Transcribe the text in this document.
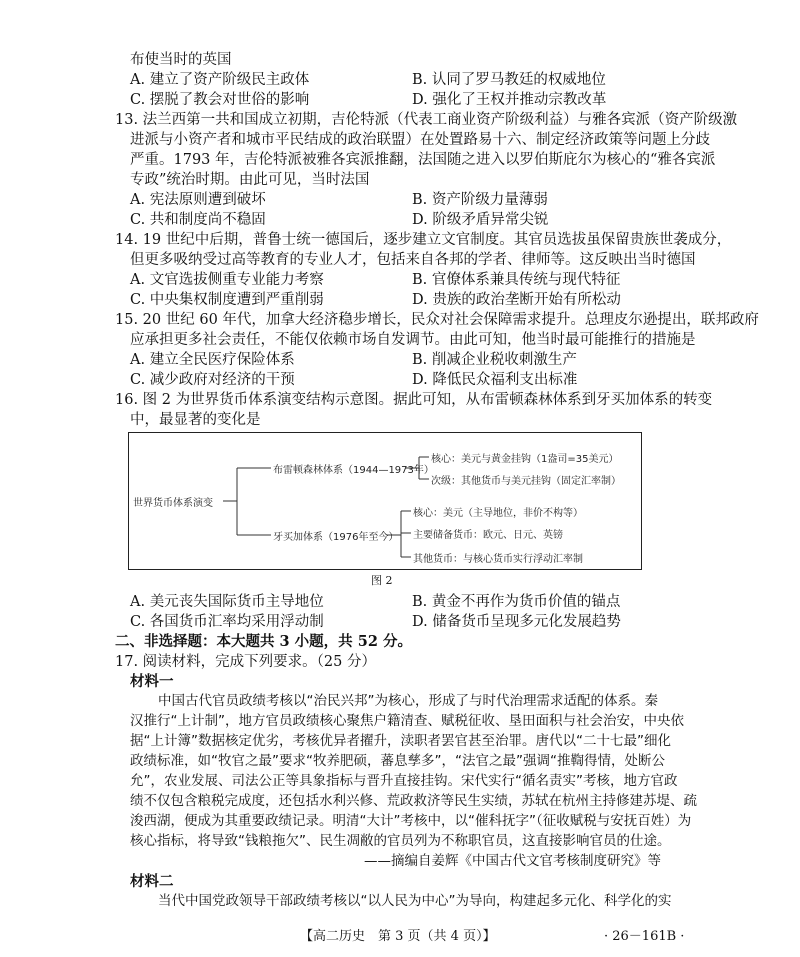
布使当时的英国
A. 建立了资产阶级民主政体	B. 认同了罗马教廷的权威地位
C. 摆脱了教会对世俗的影响	D. 强化了王权并推动宗教改革
13. 法兰西第一共和国成立初期，吉伦特派（代表工商业资产阶级利益）与雅各宾派（资产阶级激
进派与小资产者和城市平民结成的政治联盟）在处置路易十六、制定经济政策等问题上分歧
严重。1793 年，吉伦特派被雅各宾派推翻，法国随之进入以罗伯斯庇尔为核心的“雅各宾派
专政”统治时期。由此可见，当时法国
A. 宪法原则遭到破坏	B. 资产阶级力量薄弱
C. 共和制度尚不稳固	D. 阶级矛盾异常尖锐
14. 19 世纪中后期，普鲁士统一德国后，逐步建立文官制度。其官员选拔虽保留贵族世袭成分，
但更多吸纳受过高等教育的专业人才，包括来自各邦的学者、律师等。这反映出当时德国
A. 文官选拔侧重专业能力考察	B. 官僚体系兼具传统与现代特征
C. 中央集权制度遭到严重削弱	D. 贵族的政治垄断开始有所松动
15. 20 世纪 60 年代，加拿大经济稳步增长，民众对社会保障需求提升。总理皮尔逊提出，联邦政府
应承担更多社会责任，不能仅依赖市场自发调节。由此可知，他当时最可能推行的措施是
A. 建立全民医疗保险体系	B. 削减企业税收刺激生产
C. 减少政府对经济的干预	D. 降低民众福利支出标准
16. 图 2 为世界货币体系演变结构示意图。据此可知，从布雷顿森林体系到牙买加体系的转变
中，最显著的变化是
世界货币体系演变
布雷顿森林体系（1944—1973年）
核心：美元与黄金挂钩（1盎司=35美元）
次级：其他货币与美元挂钩（固定汇率制）
牙买加体系（1976年至今）
核心：美元（主导地位，非价不构等）
主要储备货币：欧元、日元、英镑
其他货币：与核心货币实行浮动汇率制
图 2
A. 美元丧失国际货币主导地位	B. 黄金不再作为货币价值的锚点
C. 各国货币汇率均采用浮动制	D. 储备货币呈现多元化发展趋势
二、非选择题：本大题共 3 小题，共 52 分。
17. 阅读材料，完成下列要求。（25 分）
材料一
中国古代官员政绩考核以“治民兴邦”为核心，形成了与时代治理需求适配的体系。秦
汉推行“上计制”，地方官员政绩核心聚焦户籍清查、赋税征收、垦田面积与社会治安，中央依
据“上计簿”数据核定优劣，考核优异者擢升，渎职者罢官甚至治罪。唐代以“二十七最”细化
政绩标准，如“牧官之最”要求“牧养肥硕，蕃息孳多”，“法官之最”强调“推鞫得情，处断公
允”，农业发展、司法公正等具象指标与晋升直接挂钩。宋代实行“循名责实”考核，地方官政
绩不仅包含粮税完成度，还包括水利兴修、荒政救济等民生实绩，苏轼在杭州主持修建苏堤、疏
浚西湖，便成为其重要政绩记录。明清“大计”考核中，以“催科抚字”（征收赋税与安抚百姓）为
核心指标，将导致“钱粮拖欠”、民生凋敝的官员列为不称职官员，这直接影响官员的仕途。
——摘编自姜辉《中国古代文官考核制度研究》等
材料二
当代中国党政领导干部政绩考核以“以人民为中心”为导向，构建起多元化、科学化的实
【高二历史　第 3 页（共 4 页）】	· 26－161B ·
